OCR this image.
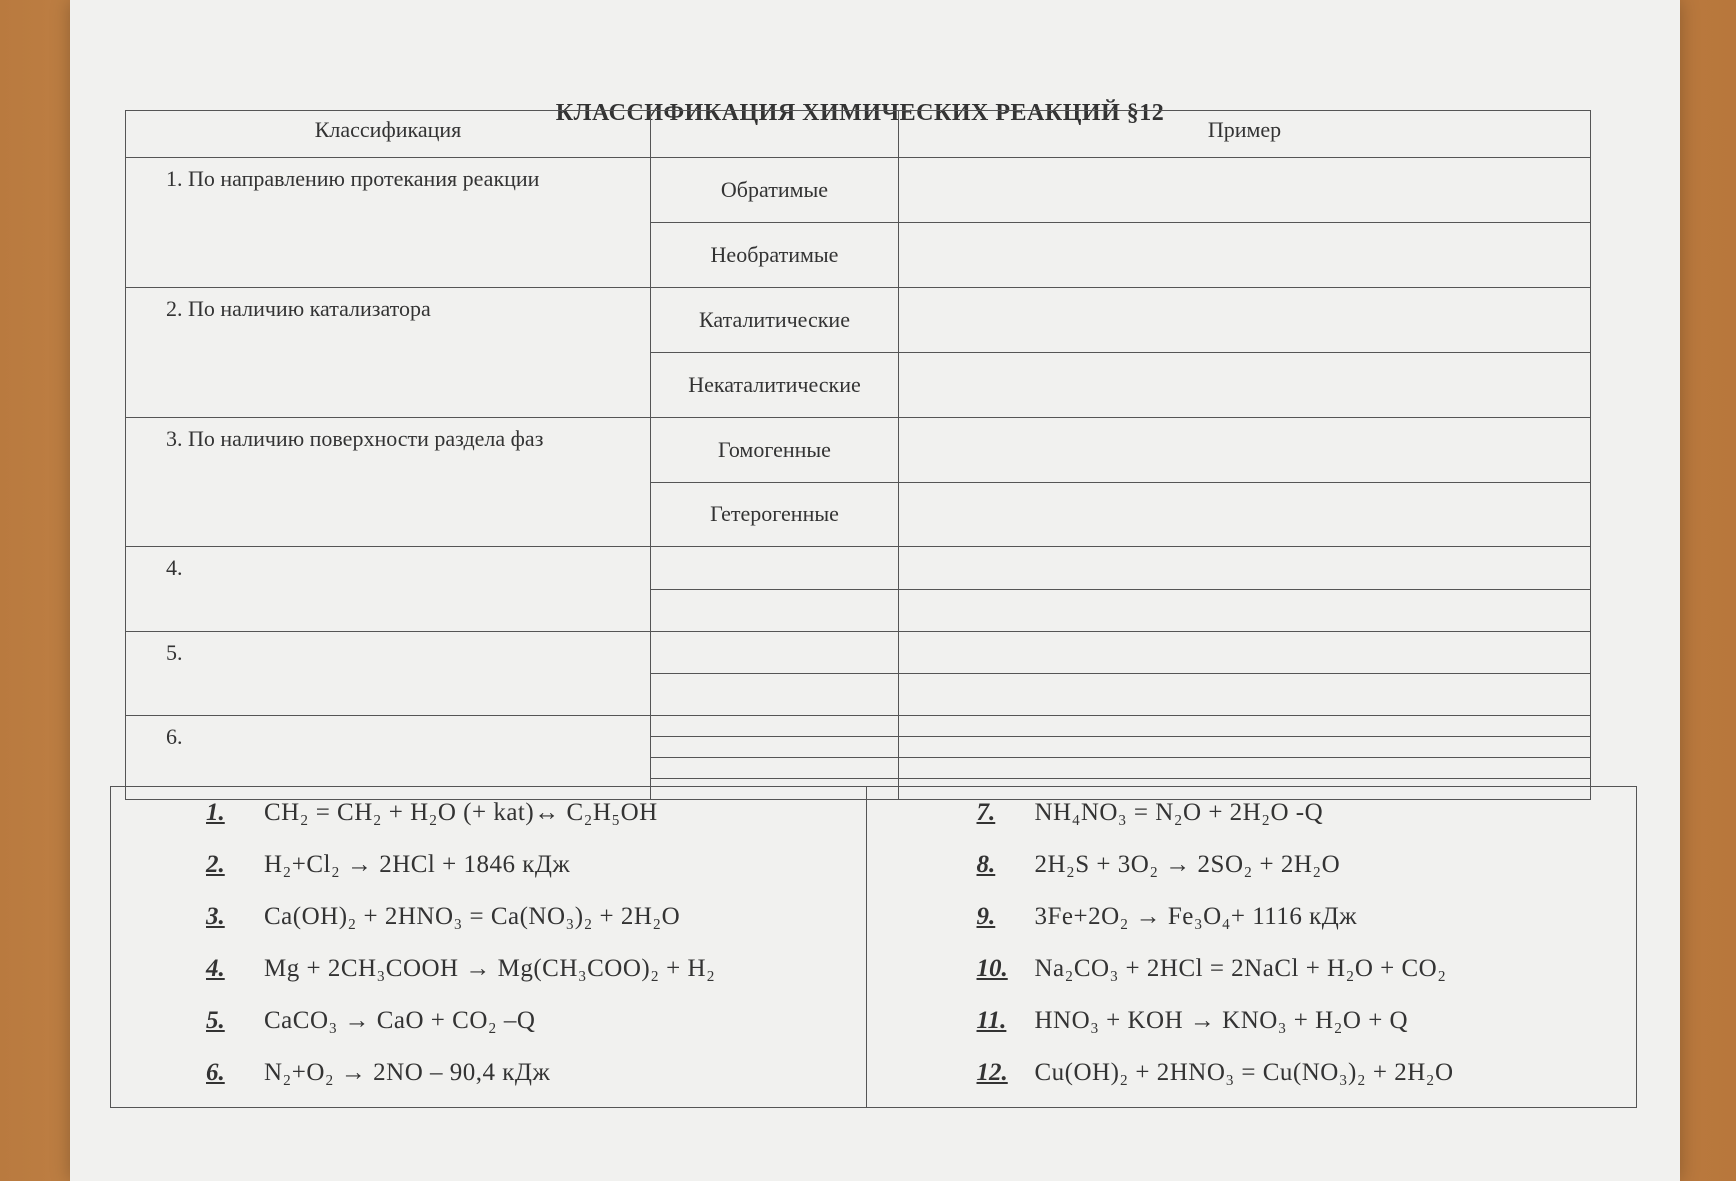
КЛАССИФИКАЦИЯ ХИМИЧЕСКИХ РЕАКЦИЙ §12
Классификация		Пример
1. По направлению протекания реакции	Обратимые	
	Необратимые	
2. По наличию катализатора	Каталитические	
	Некаталитические	
3. По наличию поверхности раздела фаз	Гомогенные	
	Гетерогенные	
4.		

5.		

6.		

1.	CH₂ = CH₂ + H₂O (+ kat)↔ C₂H₅OH
2.	H₂+Cl₂ → 2HCl + 1846 кДж
3.	Ca(OH)₂ + 2HNO₃ = Ca(NO₃)₂ + 2H₂O
4.	Mg + 2CH₃COOH → Mg(CH₃COO)₂ + H₂
5.	CaCO₃ → CaO + CO₂ –Q
6.	N₂+O₂ → 2NO – 90,4 кДж
7.	NH₄NO₃ = N₂O + 2H₂O -Q
8.	2H₂S + 3O₂ → 2SO₂ + 2H₂O
9.	3Fe+2O₂ → Fe₃O₄+ 1116 кДж
10.	Na₂CO₃ + 2HCl = 2NaCl + H₂O + CO₂
11.	HNO₃ + KOH → KNO₃ + H₂O + Q
12.	Cu(OH)₂ + 2HNO₃ = Cu(NO₃)₂ + 2H₂O
